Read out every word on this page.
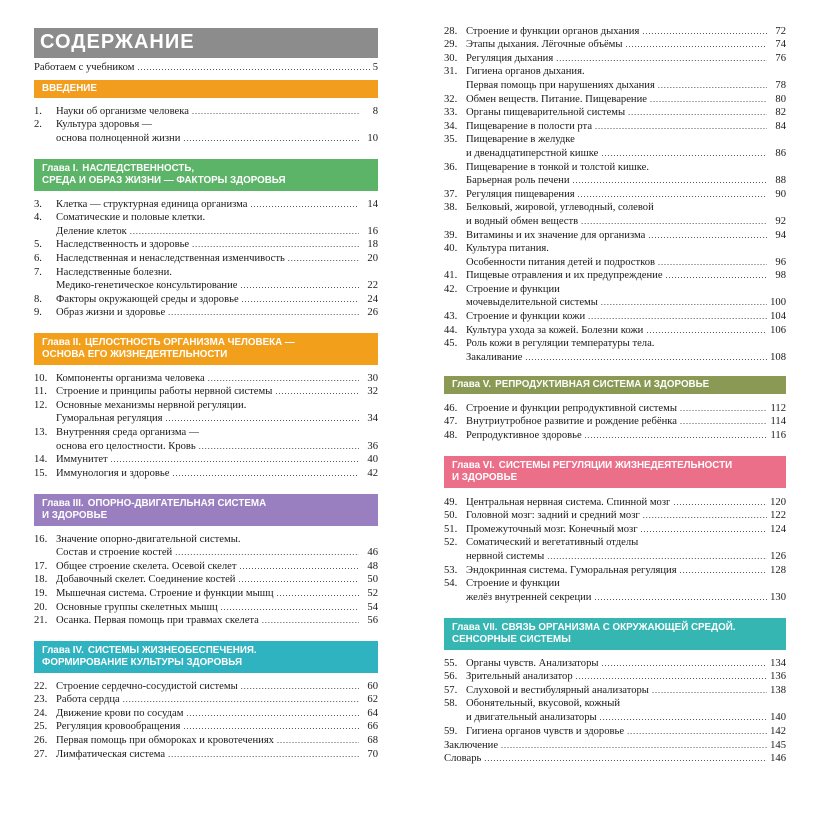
СОДЕРЖАНИЕ
Работаем с учебником . . .	5
ВВЕДЕНИЕ
1.	Науки об организме человека . . .	8
2.	Культура здоровья —
основа полноценной жизни . . .	10
Глава I. НАСЛЕДСТВЕННОСТЬ,
СРЕДА И ОБРАЗ ЖИЗНИ — ФАКТОРЫ ЗДОРОВЬЯ
3.	Клетка — структурная единица организма . . .	14
4.	Соматические и половые клетки.
Деление клеток . . .	16
5.	Наследственность и здоровье . . .	18
6.	Наследственная и ненаследственная изменчивость . . .	20
7.	Наследственные болезни.
Медико-генетическое консультирование . . .	22
8.	Факторы окружающей среды и здоровье . . .	24
9.	Образ жизни и здоровье . . .	26
Глава II. ЦЕЛОСТНОСТЬ ОРГАНИЗМА ЧЕЛОВЕКА —
ОСНОВА ЕГО ЖИЗНЕДЕЯТЕЛЬНОСТИ
10. Компоненты организма человека . . .	30
11. Строение и принципы работы нервной системы . . .	32
12. Основные механизмы нервной регуляции.
Гуморальная регуляция . . .	34
13. Внутренняя среда организма —
основа его целостности. Кровь . . .	36
14. Иммунитет . . .	40
15. Иммунология и здоровье . . .	42
Глава III. ОПОРНО-ДВИГАТЕЛЬНАЯ СИСТЕМА
И ЗДОРОВЬЕ
16. Значение опорно-двигательной системы.
Состав и строение костей . . .	46
17. Общее строение скелета. Осевой скелет . . .	48
18. Добавочный скелет. Соединение костей . . .	50
19. Мышечная система. Строение и функции мышц . . .	52
20. Основные группы скелетных мышц . . .	54
21. Осанка. Первая помощь при травмах скелета . . .	56
Глава IV. СИСТЕМЫ ЖИЗНЕОБЕСПЕЧЕНИЯ.
ФОРМИРОВАНИЕ КУЛЬТУРЫ ЗДОРОВЬЯ
22. Строение сердечно-сосудистой системы . . .	60
23. Работа сердца . . .	62
24. Движение крови по сосудам . . .	64
25. Регуляция кровообращения . . .	66
26. Первая помощь при обмороках и кровотечениях . . .	68
27. Лимфатическая система . . .	70
28. Строение и функции органов дыхания . . .	72
29. Этапы дыхания. Лёгочные объёмы . . .	74
30. Регуляция дыхания . . .	76
31. Гигиена органов дыхания.
Первая помощь при нарушениях дыхания . . .	78
32. Обмен веществ. Питание. Пищеварение . . .	80
33. Органы пищеварительной системы . . .	82
34. Пищеварение в полости рта . . .	84
35. Пищеварение в желудке
и двенадцатиперстной кишке . . .	86
36. Пищеварение в тонкой и толстой кишке.
Барьерная роль печени . . .	88
37. Регуляция пищеварения . . .	90
38. Белковый, жировой, углеводный, солевой
и водный обмен веществ . . .	92
39. Витамины и их значение для организма . . .	94
40. Культура питания.
Особенности питания детей и подростков . . .	96
41. Пищевые отравления и их предупреждение . . .	98
42. Строение и функции
мочевыделительной системы . . .	100
43. Строение и функции кожи . . .	104
44. Культура ухода за кожей. Болезни кожи . . .	106
45. Роль кожи в регуляции температуры тела.
Закаливание . . .	108
Глава V. РЕПРОДУКТИВНАЯ СИСТЕМА И ЗДОРОВЬЕ
46. Строение и функции репродуктивной системы . . .	112
47. Внутриутробное развитие и рождение ребёнка . . .	114
48. Репродуктивное здоровье . . .	116
Глава VI. СИСТЕМЫ РЕГУЛЯЦИИ ЖИЗНЕДЕЯТЕЛЬНОСТИ
И ЗДОРОВЬЕ
49. Центральная нервная система. Спинной мозг . . .	120
50. Головной мозг: задний и средний мозг . . .	122
51. Промежуточный мозг. Конечный мозг . . .	124
52. Соматический и вегетативный отделы
нервной системы . . .	126
53. Эндокринная система. Гуморальная регуляция . . .	128
54. Строение и функции
желёз внутренней секреции . . .	130
Глава VII. СВЯЗЬ ОРГАНИЗМА С ОКРУЖАЮЩЕЙ СРЕДОЙ.
СЕНСОРНЫЕ СИСТЕМЫ
55. Органы чувств. Анализаторы . . .	134
56. Зрительный анализатор . . .	136
57. Слуховой и вестибулярный анализаторы . . .	138
58. Обонятельный, вкусовой, кожный
и двигательный анализаторы . . .	140
59. Гигиена органов чувств и здоровье . . .	142
Заключение . . .	145
Словарь . . .	146
